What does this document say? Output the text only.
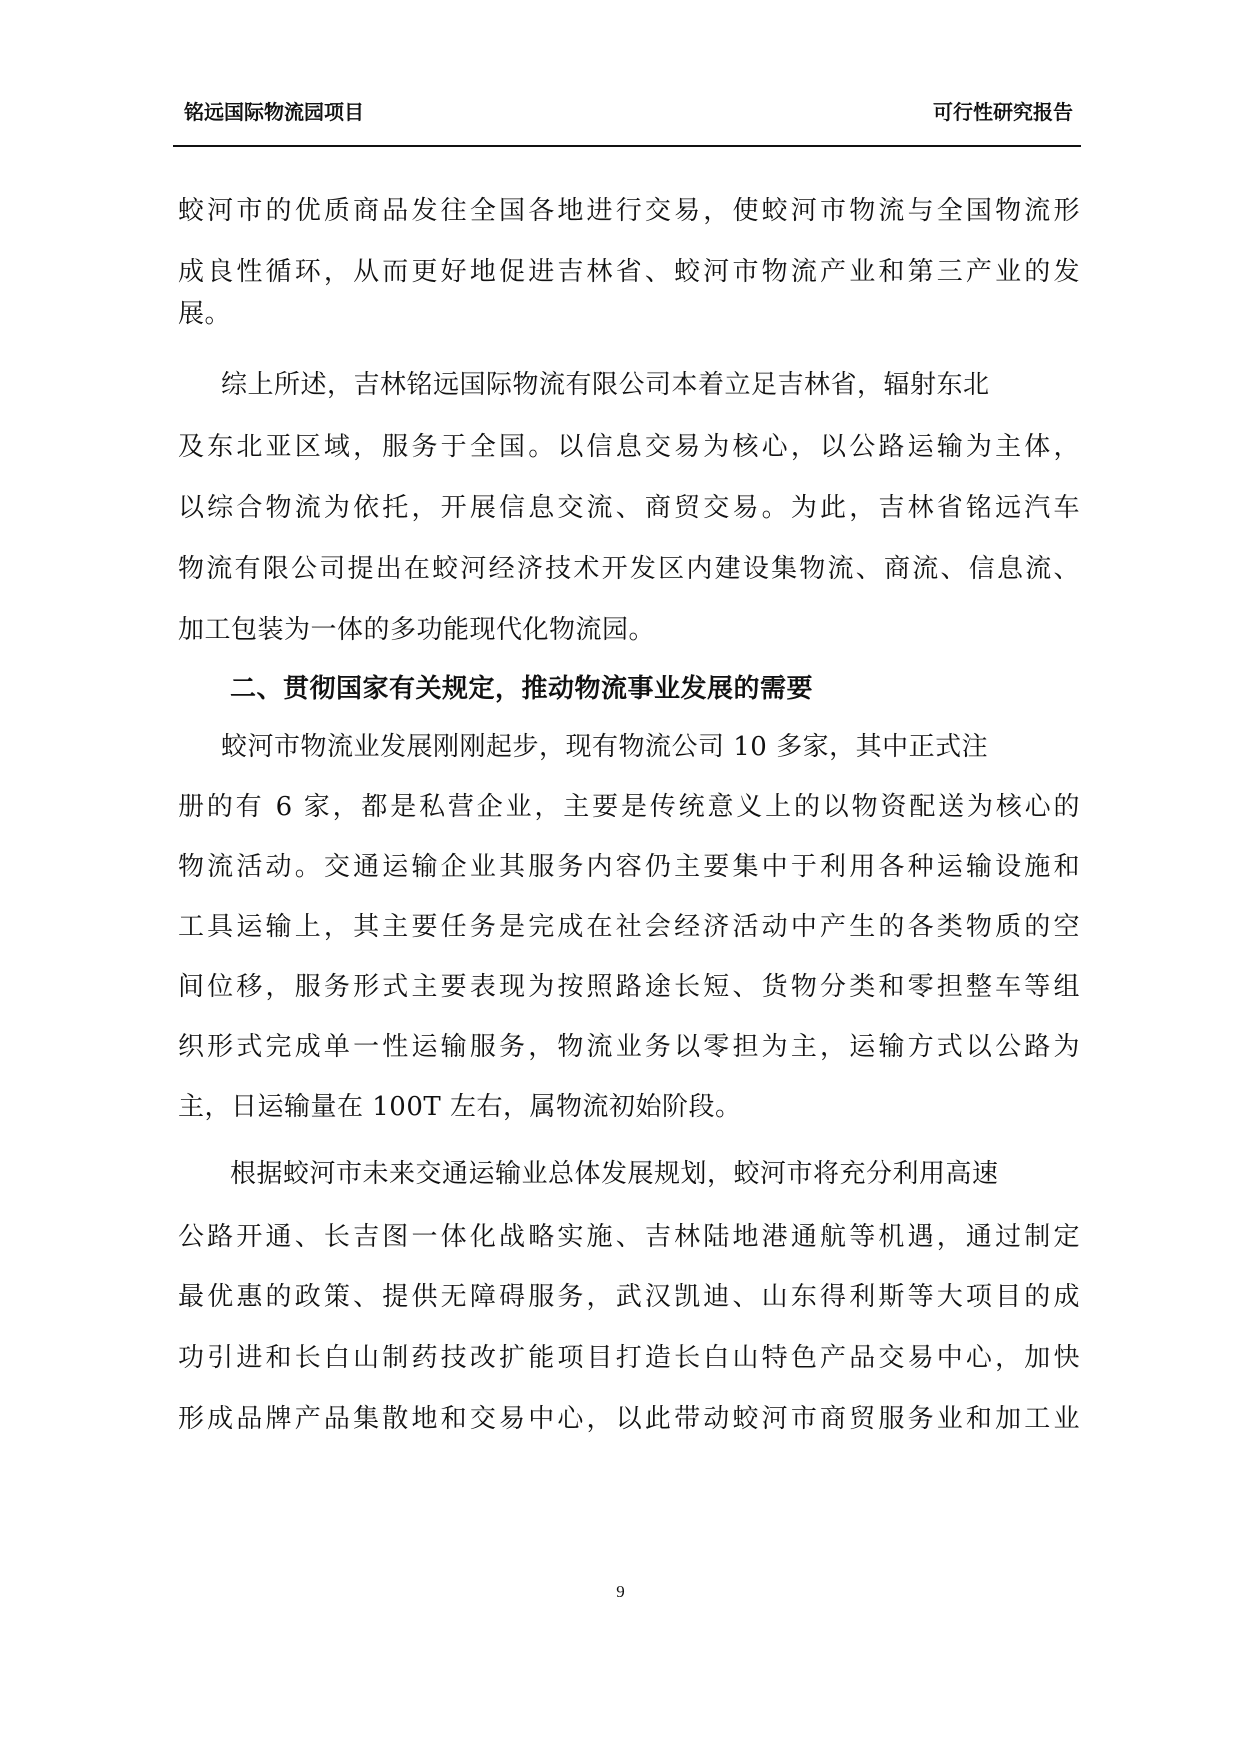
铭远国际物流园项目	可行性研究报告
蛟河市的优质商品发往全国各地进行交易，使蛟河市物流与全国物流形
成良性循环，从而更好地促进吉林省、蛟河市物流产业和第三产业的发
展。
综上所述，吉林铭远国际物流有限公司本着立足吉林省，辐射东北
及东北亚区域，服务于全国。以信息交易为核心，以公路运输为主体，
以综合物流为依托，开展信息交流、商贸交易。为此，吉林省铭远汽车
物流有限公司提出在蛟河经济技术开发区内建设集物流、商流、信息流、
加工包装为一体的多功能现代化物流园。
二、贯彻国家有关规定，推动物流事业发展的需要
蛟河市物流业发展刚刚起步，现有物流公司 10 多家，其中正式注
册的有 6 家，都是私营企业，主要是传统意义上的以物资配送为核心的
物流活动。交通运输企业其服务内容仍主要集中于利用各种运输设施和
工具运输上，其主要任务是完成在社会经济活动中产生的各类物质的空
间位移，服务形式主要表现为按照路途长短、货物分类和零担整车等组
织形式完成单一性运输服务，物流业务以零担为主，运输方式以公路为
主，日运输量在 100T 左右，属物流初始阶段。
根据蛟河市未来交通运输业总体发展规划，蛟河市将充分利用高速
公路开通、长吉图一体化战略实施、吉林陆地港通航等机遇，通过制定
最优惠的政策、提供无障碍服务，武汉凯迪、山东得利斯等大项目的成
功引进和长白山制药技改扩能项目打造长白山特色产品交易中心，加快
形成品牌产品集散地和交易中心，以此带动蛟河市商贸服务业和加工业
9
